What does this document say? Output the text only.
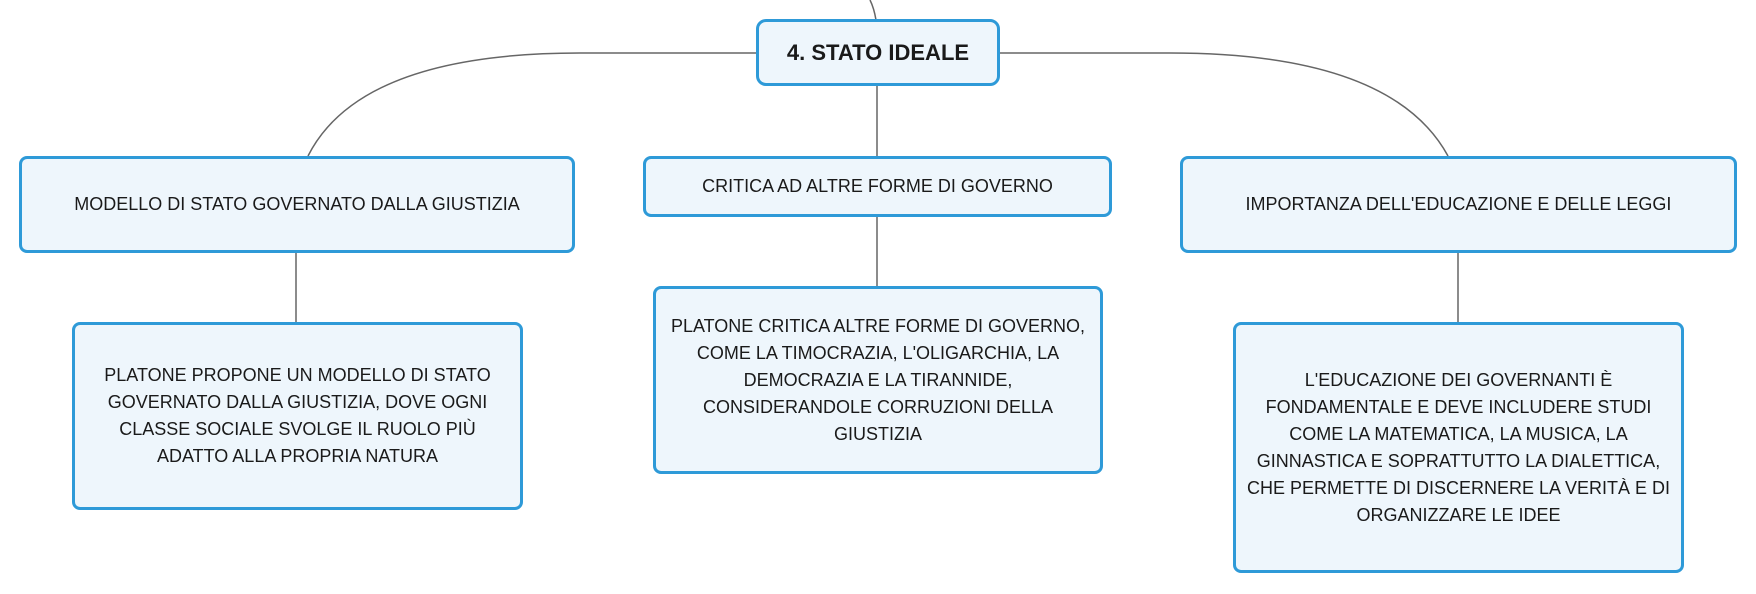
4. STATO IDEALE
MODELLO DI STATO GOVERNATO DALLA GIUSTIZIA
CRITICA AD ALTRE FORME DI GOVERNO
IMPORTANZA DELL'EDUCAZIONE E DELLE LEGGI
PLATONE PROPONE UN MODELLO DI STATO GOVERNATO DALLA GIUSTIZIA, DOVE OGNI CLASSE SOCIALE SVOLGE IL RUOLO PIÙ ADATTO ALLA PROPRIA NATURA
PLATONE CRITICA ALTRE FORME DI GOVERNO, COME LA TIMOCRAZIA, L'OLIGARCHIA, LA DEMOCRAZIA E LA TIRANNIDE, CONSIDERANDOLE CORRUZIONI DELLA GIUSTIZIA
L'EDUCAZIONE DEI GOVERNANTI È FONDAMENTALE E DEVE INCLUDERE STUDI COME LA MATEMATICA, LA MUSICA, LA GINNASTICA E SOPRATTUTTO LA DIALETTICA, CHE PERMETTE DI DISCERNERE LA VERITÀ E DI ORGANIZZARE LE IDEE
